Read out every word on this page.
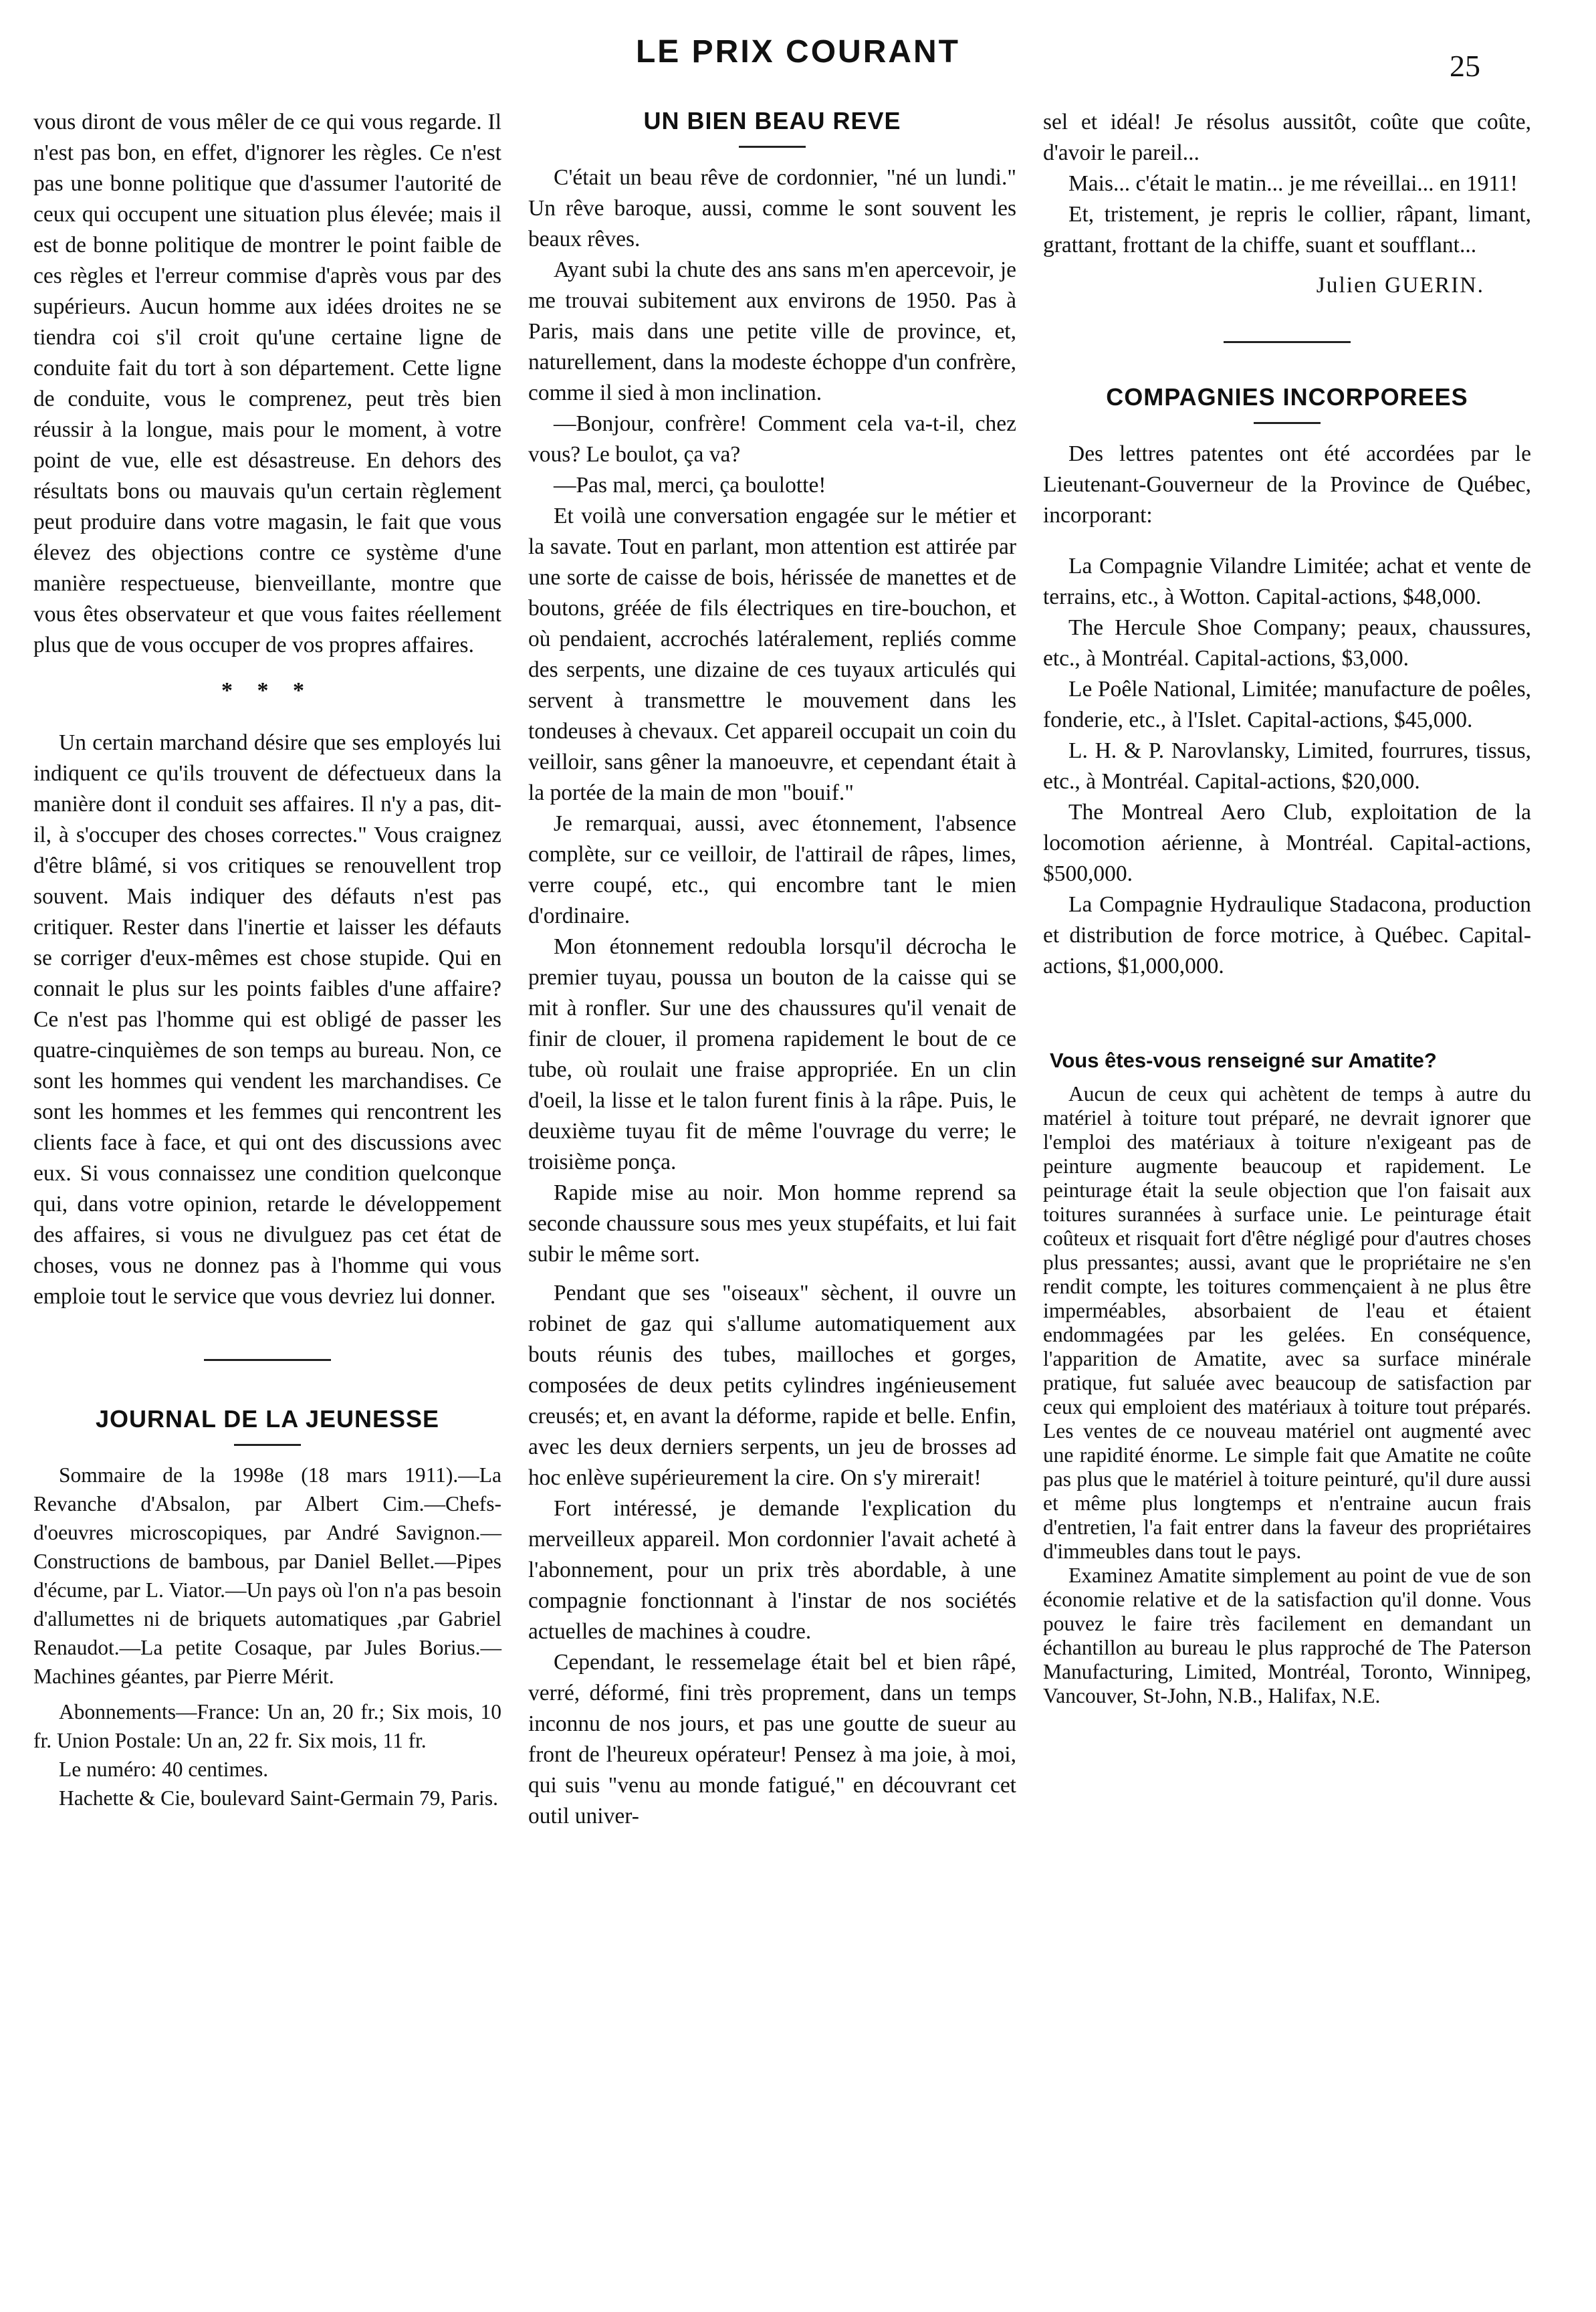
LE PRIX COURANT	25

vous diront de vous mêler de ce qui vous regarde. Il n'est pas bon, en effet, d'ignorer les règles. Ce n'est pas une bonne politique que d'assumer l'autorité de ceux qui occupent une situation plus élevée; mais il est de bonne politique de montrer le point faible de ces règles et l'erreur commise d'après vous par des supérieurs. Aucun homme aux idées droites ne se tiendra coi s'il croit qu'une certaine ligne de conduite fait du tort à son département. Cette ligne de conduite, vous le comprenez, peut très bien réussir à la longue, mais pour le moment, à votre point de vue, elle est désastreuse. En dehors des résultats bons ou mauvais qu'un certain règlement peut produire dans votre magasin, le fait que vous élevez des objections contre ce système d'une manière respectueuse, bienveillante, montre que vous êtes observateur et que vous faites réellement plus que de vous occuper de vos propres affaires.

* * *

Un certain marchand désire que ses employés lui indiquent ce qu'ils trouvent de défectueux dans la manière dont il conduit ses affaires. Il n'y a pas, dit-il, à s'occuper des choses correctes." Vous craignez d'être blâmé, si vos critiques se renouvellent trop souvent. Mais indiquer des défauts n'est pas critiquer. Rester dans l'inertie et laisser les défauts se corriger d'eux-mêmes est chose stupide. Qui en connait le plus sur les points faibles d'une affaire? Ce n'est pas l'homme qui est obligé de passer les quatre-cinquièmes de son temps au bureau. Non, ce sont les hommes qui vendent les marchandises. Ce sont les hommes et les femmes qui rencontrent les clients face à face, et qui ont des discussions avec eux. Si vous connaissez une condition quelconque qui, dans votre opinion, retarde le développement des affaires, si vous ne divulguez pas cet état de choses, vous ne donnez pas à l'homme qui vous emploie tout le service que vous devriez lui donner.

JOURNAL DE LA JEUNESSE

Sommaire de la 1998e (18 mars 1911).—La Revanche d'Absalon, par Albert Cim.—Chefs-d'oeuvres microscopiques, par André Savignon.—Constructions de bambous, par Daniel Bellet.—Pipes d'écume, par L. Viator.—Un pays où l'on n'a pas besoin d'allumettes ni de briquets automatiques ,par Gabriel Renaudot.—La petite Cosaque, par Jules Borius.—Machines géantes, par Pierre Mérit.

Abonnements—France: Un an, 20 fr.; Six mois, 10 fr. Union Postale: Un an, 22 fr. Six mois, 11 fr.

Le numéro: 40 centimes.

Hachette & Cie, boulevard Saint-Germain 79, Paris.

UN BIEN BEAU REVE

C'était un beau rêve de cordonnier, "né un lundi." Un rêve baroque, aussi, comme le sont souvent les beaux rêves.

Ayant subi la chute des ans sans m'en apercevoir, je me trouvai subitement aux environs de 1950. Pas à Paris, mais dans une petite ville de province, et, naturellement, dans la modeste échoppe d'un confrère, comme il sied à mon inclination.

—Bonjour, confrère! Comment cela va-t-il, chez vous? Le boulot, ça va?

—Pas mal, merci, ça boulotte!

Et voilà une conversation engagée sur le métier et la savate. Tout en parlant, mon attention est attirée par une sorte de caisse de bois, hérissée de manettes et de boutons, gréée de fils électriques en tire-bouchon, et où pendaient, accrochés latéralement, repliés comme des serpents, une dizaine de ces tuyaux articulés qui servent à transmettre le mouvement dans les tondeuses à chevaux. Cet appareil occupait un coin du veilloir, sans gêner la manoeuvre, et cependant était à la portée de la main de mon "bouif."

Je remarquai, aussi, avec étonnement, l'absence complète, sur ce veilloir, de l'attirail de râpes, limes, verre coupé, etc., qui encombre tant le mien d'ordinaire.

Mon étonnement redoubla lorsqu'il décrocha le premier tuyau, poussa un bouton de la caisse qui se mit à ronfler. Sur une des chaussures qu'il venait de finir de clouer, il promena rapidement le bout de ce tube, où roulait une fraise appropriée. En un clin d'oeil, la lisse et le talon furent finis à la râpe. Puis, le deuxième tuyau fit de même l'ouvrage du verre; le troisième ponça.

Rapide mise au noir. Mon homme reprend sa seconde chaussure sous mes yeux stupéfaits, et lui fait subir le même sort.

Pendant que ses "oiseaux" sèchent, il ouvre un robinet de gaz qui s'allume automatiquement aux bouts réunis des tubes, mailloches et gorges, composées de deux petits cylindres ingénieusement creusés; et, en avant la déforme, rapide et belle. Enfin, avec les deux derniers serpents, un jeu de brosses ad hoc enlève supérieurement la cire. On s'y mirerait!

Fort intéressé, je demande l'explication du merveilleux appareil. Mon cordonnier l'avait acheté à l'abonnement, pour un prix très abordable, à une compagnie fonctionnant à l'instar de nos sociétés actuelles de machines à coudre.

Cependant, le ressemelage était bel et bien râpé, verré, déformé, fini très proprement, dans un temps inconnu de nos jours, et pas une goutte de sueur au front de l'heureux opérateur! Pensez à ma joie, à moi, qui suis "venu au monde fatigué," en découvrant cet outil univer-

sel et idéal! Je résolus aussitôt, coûte que coûte, d'avoir le pareil...

Mais... c'était le matin... je me réveillai... en 1911!

Et, tristement, je repris le collier, râpant, limant, grattant, frottant de la chiffe, suant et soufflant...

Julien GUERIN.
COMPAGNIES INCORPOREES

Des lettres patentes ont été accordées par le Lieutenant-Gouverneur de la Province de Québec, incorporant:

La Compagnie Vilandre Limitée; achat et vente de terrains, etc., à Wotton. Capital-actions, $48,000.

The Hercule Shoe Company; peaux, chaussures, etc., à Montréal. Capital-actions, $3,000.

Le Poêle National, Limitée; manufacture de poêles, fonderie, etc., à l'Islet. Capital-actions, $45,000.

L. H. & P. Narovlansky, Limited, fourrures, tissus, etc., à Montréal. Capital-actions, $20,000.

The Montreal Aero Club, exploitation de la locomotion aérienne, à Montréal. Capital-actions, $500,000.

La Compagnie Hydraulique Stadacona, production et distribution de force motrice, à Québec. Capital-actions, $1,000,000.

Vous êtes-vous renseigné sur Amatite?

Aucun de ceux qui achètent de temps à autre du matériel à toiture tout préparé, ne devrait ignorer que l'emploi des matériaux à toiture n'exigeant pas de peinture augmente beaucoup et rapidement. Le peinturage était la seule objection que l'on faisait aux toitures surannées à surface unie. Le peinturage était coûteux et risquait fort d'être négligé pour d'autres choses plus pressantes; aussi, avant que le propriétaire ne s'en rendit compte, les toitures commençaient à ne plus être imperméables, absorbaient de l'eau et étaient endommagées par les gelées. En conséquence, l'apparition de Amatite, avec sa surface minérale pratique, fut saluée avec beaucoup de satisfaction par ceux qui emploient des matériaux à toiture tout préparés. Les ventes de ce nouveau matériel ont augmenté avec une rapidité énorme. Le simple fait que Amatite ne coûte pas plus que le matériel à toiture peinturé, qu'il dure aussi et même plus longtemps et n'entraine aucun frais d'entretien, l'a fait entrer dans la faveur des propriétaires d'immeubles dans tout le pays.

Examinez Amatite simplement au point de vue de son économie relative et de la satisfaction qu'il donne. Vous pouvez le faire très facilement en demandant un échantillon au bureau le plus rapproché de The Paterson Manufacturing, Limited, Montréal, Toronto, Winnipeg, Vancouver, St-John, N.B., Halifax, N.E.
